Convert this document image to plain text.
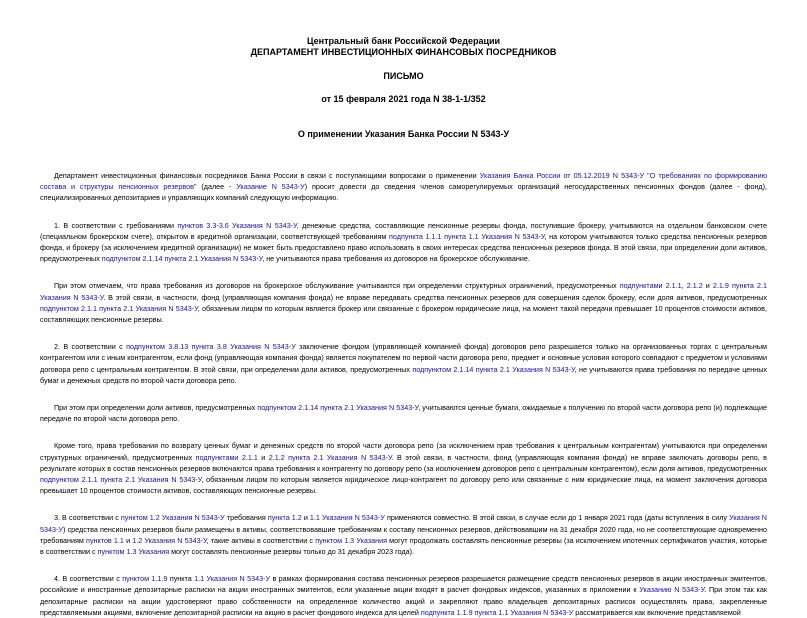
Центральный банк Российской Федерации
ДЕПАРТАМЕНТ ИНВЕСТИЦИОННЫХ ФИНАНСОВЫХ ПОСРЕДНИКОВ
ПИСЬМО
от 15 февраля 2021 года N 38-1-1/352
О применении Указания Банка России N 5343-У

Департамент инвестиционных финансовых посредников Банка России в связи с поступающими вопросами о применении Указания Банка России от 05.12.2019 N 5343-У "О требованиях по формированию состава и структуры пенсионных резервов" (далее - Указание N 5343-У) просит довести до сведения членов саморегулируемых организаций негосударственных пенсионных фондов (далее - фонд), специализированных депозитариев и управляющих компаний следующую информацию.

1. В соответствии с требованиями пунктов 3.3-3.6 Указания N 5343-У, денежные средства, составляющие пенсионные резервы фонда, поступившие брокеру, учитываются на отдельном банковском счете (специальном брокерском счете), открытом в кредитной организации, соответствующей требованиям подпункта 1.1.1 пункта 1.1 Указания N 5343-У, на котором учитываются только средства пенсионных резервов фонда, и брокеру (за исключением кредитной организации) не может быть предоставлено право использовать в своих интересах средства пенсионных резервов фонда. В этой связи, при определении доли активов, предусмотренных подпунктом 2.1.14 пункта 2.1 Указания N 5343-У, не учитываются права требования из договоров на брокерское обслуживание.

При этом отмечаем, что права требования из договоров на брокерское обслуживание учитываются при определении структурных ограничений, предусмотренных подпунктами 2.1.1, 2.1.2 и 2.1.9 пункта 2.1 Указания N 5343-У. В этой связи, в частности, фонд (управляющая компания фонда) не вправе передавать средства пенсионных резервов для совершения сделок брокеру, если доля активов, предусмотренных подпунктом 2.1.1 пункта 2.1 Указания N 5343-У, обязанным лицом по которым является брокер или связанные с брокером юридические лица, на момент такой передачи превышает 10 процентов стоимости активов, составляющих пенсионные резервы.

2. В соответствии с подпунктом 3.8.13 пункта 3.8 Указания N 5343-У заключение фондом (управляющей компанией фонда) договоров репо разрешается только на организованных торгах с центральным контрагентом или с иным контрагентом, если фонд (управляющая компания фонда) является покупателем по первой части договора репо, предмет и основные условия которого совпадают с предметом и условиями договора репо с центральным контрагентом. В этой связи, при определении доли активов, предусмотренных подпунктом 2.1.14 пункта 2.1 Указания N 5343-У, не учитываются права требования по передаче ценных бумаг и денежных средств по второй части договора репо.

При этом при определении доли активов, предусмотренных подпунктом 2.1.14 пункта 2.1 Указания N 5343-У, учитываются ценные бумаги, ожидаемые к получению по второй части договора репо (и) подлежащие передаче по второй части договора репо.

Кроме того, права требования по возврату ценных бумаг и денежных средств по второй части договора репо (за исключением прав требования к центральным контрагентам) учитываются при определении структурных ограничений, предусмотренных подпунктами 2.1.1 и 2.1.2 пункта 2.1 Указания N 5343-У. В этой связи, в частности, фонд (управляющая компания фонда) не вправе заключать договоры репо, в результате которых в состав пенсионных резервов включаются права требования к контрагенту по договору репо (за исключением договоров репо с центральным контрагентом), если доля активов, предусмотренных подпунктом 2.1.1 пункта 2.1 Указания N 5343-У, обязанным лицом по которым является юридическое лицо-контрагент по договору репо или связанные с ним юридические лица, на момент заключения договора превышает 10 процентов стоимости активов, составляющих пенсионные резервы.

3. В соответствии с пунктом 1.2 Указания N 5343-У требования пункта 1.2 и 1.1 Указания N 5343-У применяются совместно. В этой связи, в случае если до 1 января 2021 года (даты вступления в силу Указания N 5343-У) средства пенсионных резервов были размещены в активы, соответствовавшие требованиям к составу пенсионных резервов, действовавшим на 31 декабря 2020 года, но не соответствующие одновременно требованиям пунктов 1.1 и 1.2 Указания N 5343-У, такие активы в соответствии с пунктом 1.3 Указания могут продолжать составлять пенсионные резервы (за исключением ипотечных сертификатов участия, которые в соответствии с пунктом 1.3 Указания могут составлять пенсионные резервы только до 31 декабря 2023 года).

4. В соответствии с пунктом 1.1.9 пункта 1.1 Указания N 5343-У в рамках формирования состава пенсионных резервов разрешается размещение средств пенсионных резервов в акции иностранных эмитентов, российские и иностранные депозитарные расписки на акции иностранных эмитентов, если указанные акции входят в расчет фондовых индексов, указанных в приложении к Указанию N 5343-У. При этом так как депозитарные расписки на акции удостоверяют право собственности на определенное количество акций и закрепляют право владельцев депозитарных расписок осуществлять права, закрепленные представляемыми акциями, включение депозитарной расписки на акцию в расчет фондового индекса для целей подпункта 1.1.9 пункта 1.1 Указания N 5343-У рассматривается как включение представляемой
